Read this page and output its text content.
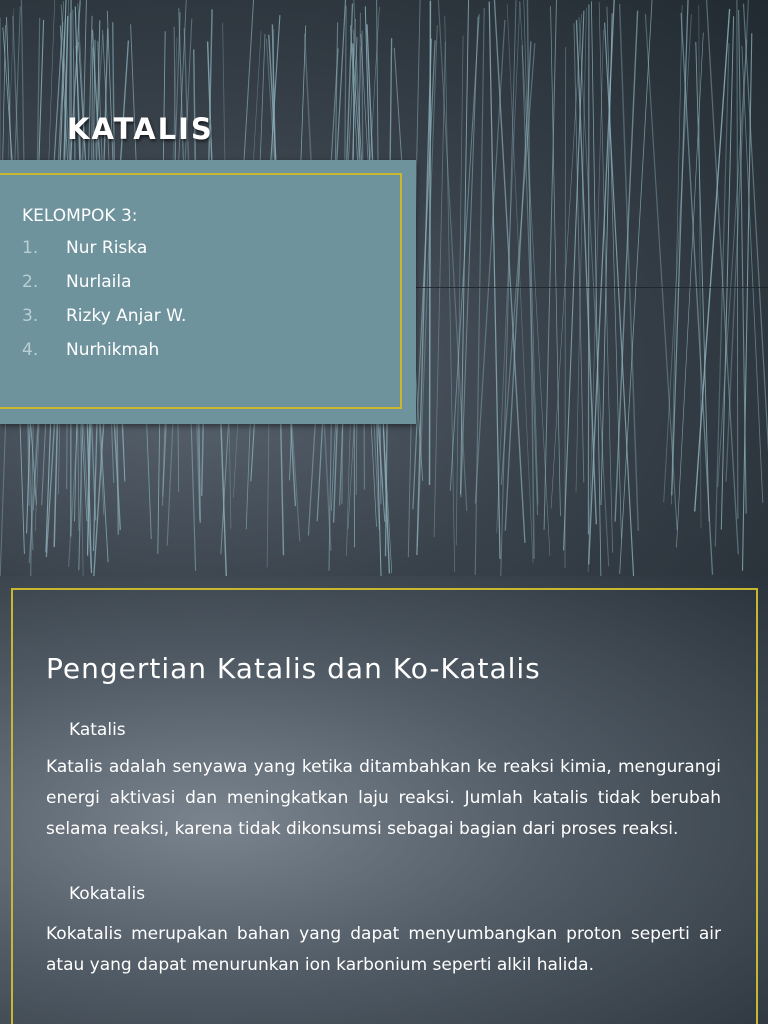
KATALIS
KELOMPOK 3:
1.	Nur Riska
2.	Nurlaila
3.	Rizky Anjar W.
4.	Nurhikmah
Pengertian Katalis dan Ko-Katalis
Katalis
Katalis adalah senyawa yang ketika ditambahkan ke reaksi kimia, mengurangi energi aktivasi dan meningkatkan laju reaksi. Jumlah katalis tidak berubah selama reaksi, karena tidak dikonsumsi sebagai bagian dari proses reaksi.
Kokatalis
Kokatalis merupakan bahan yang dapat menyumbangkan proton seperti air atau yang dapat menurunkan ion karbonium seperti alkil halida.
